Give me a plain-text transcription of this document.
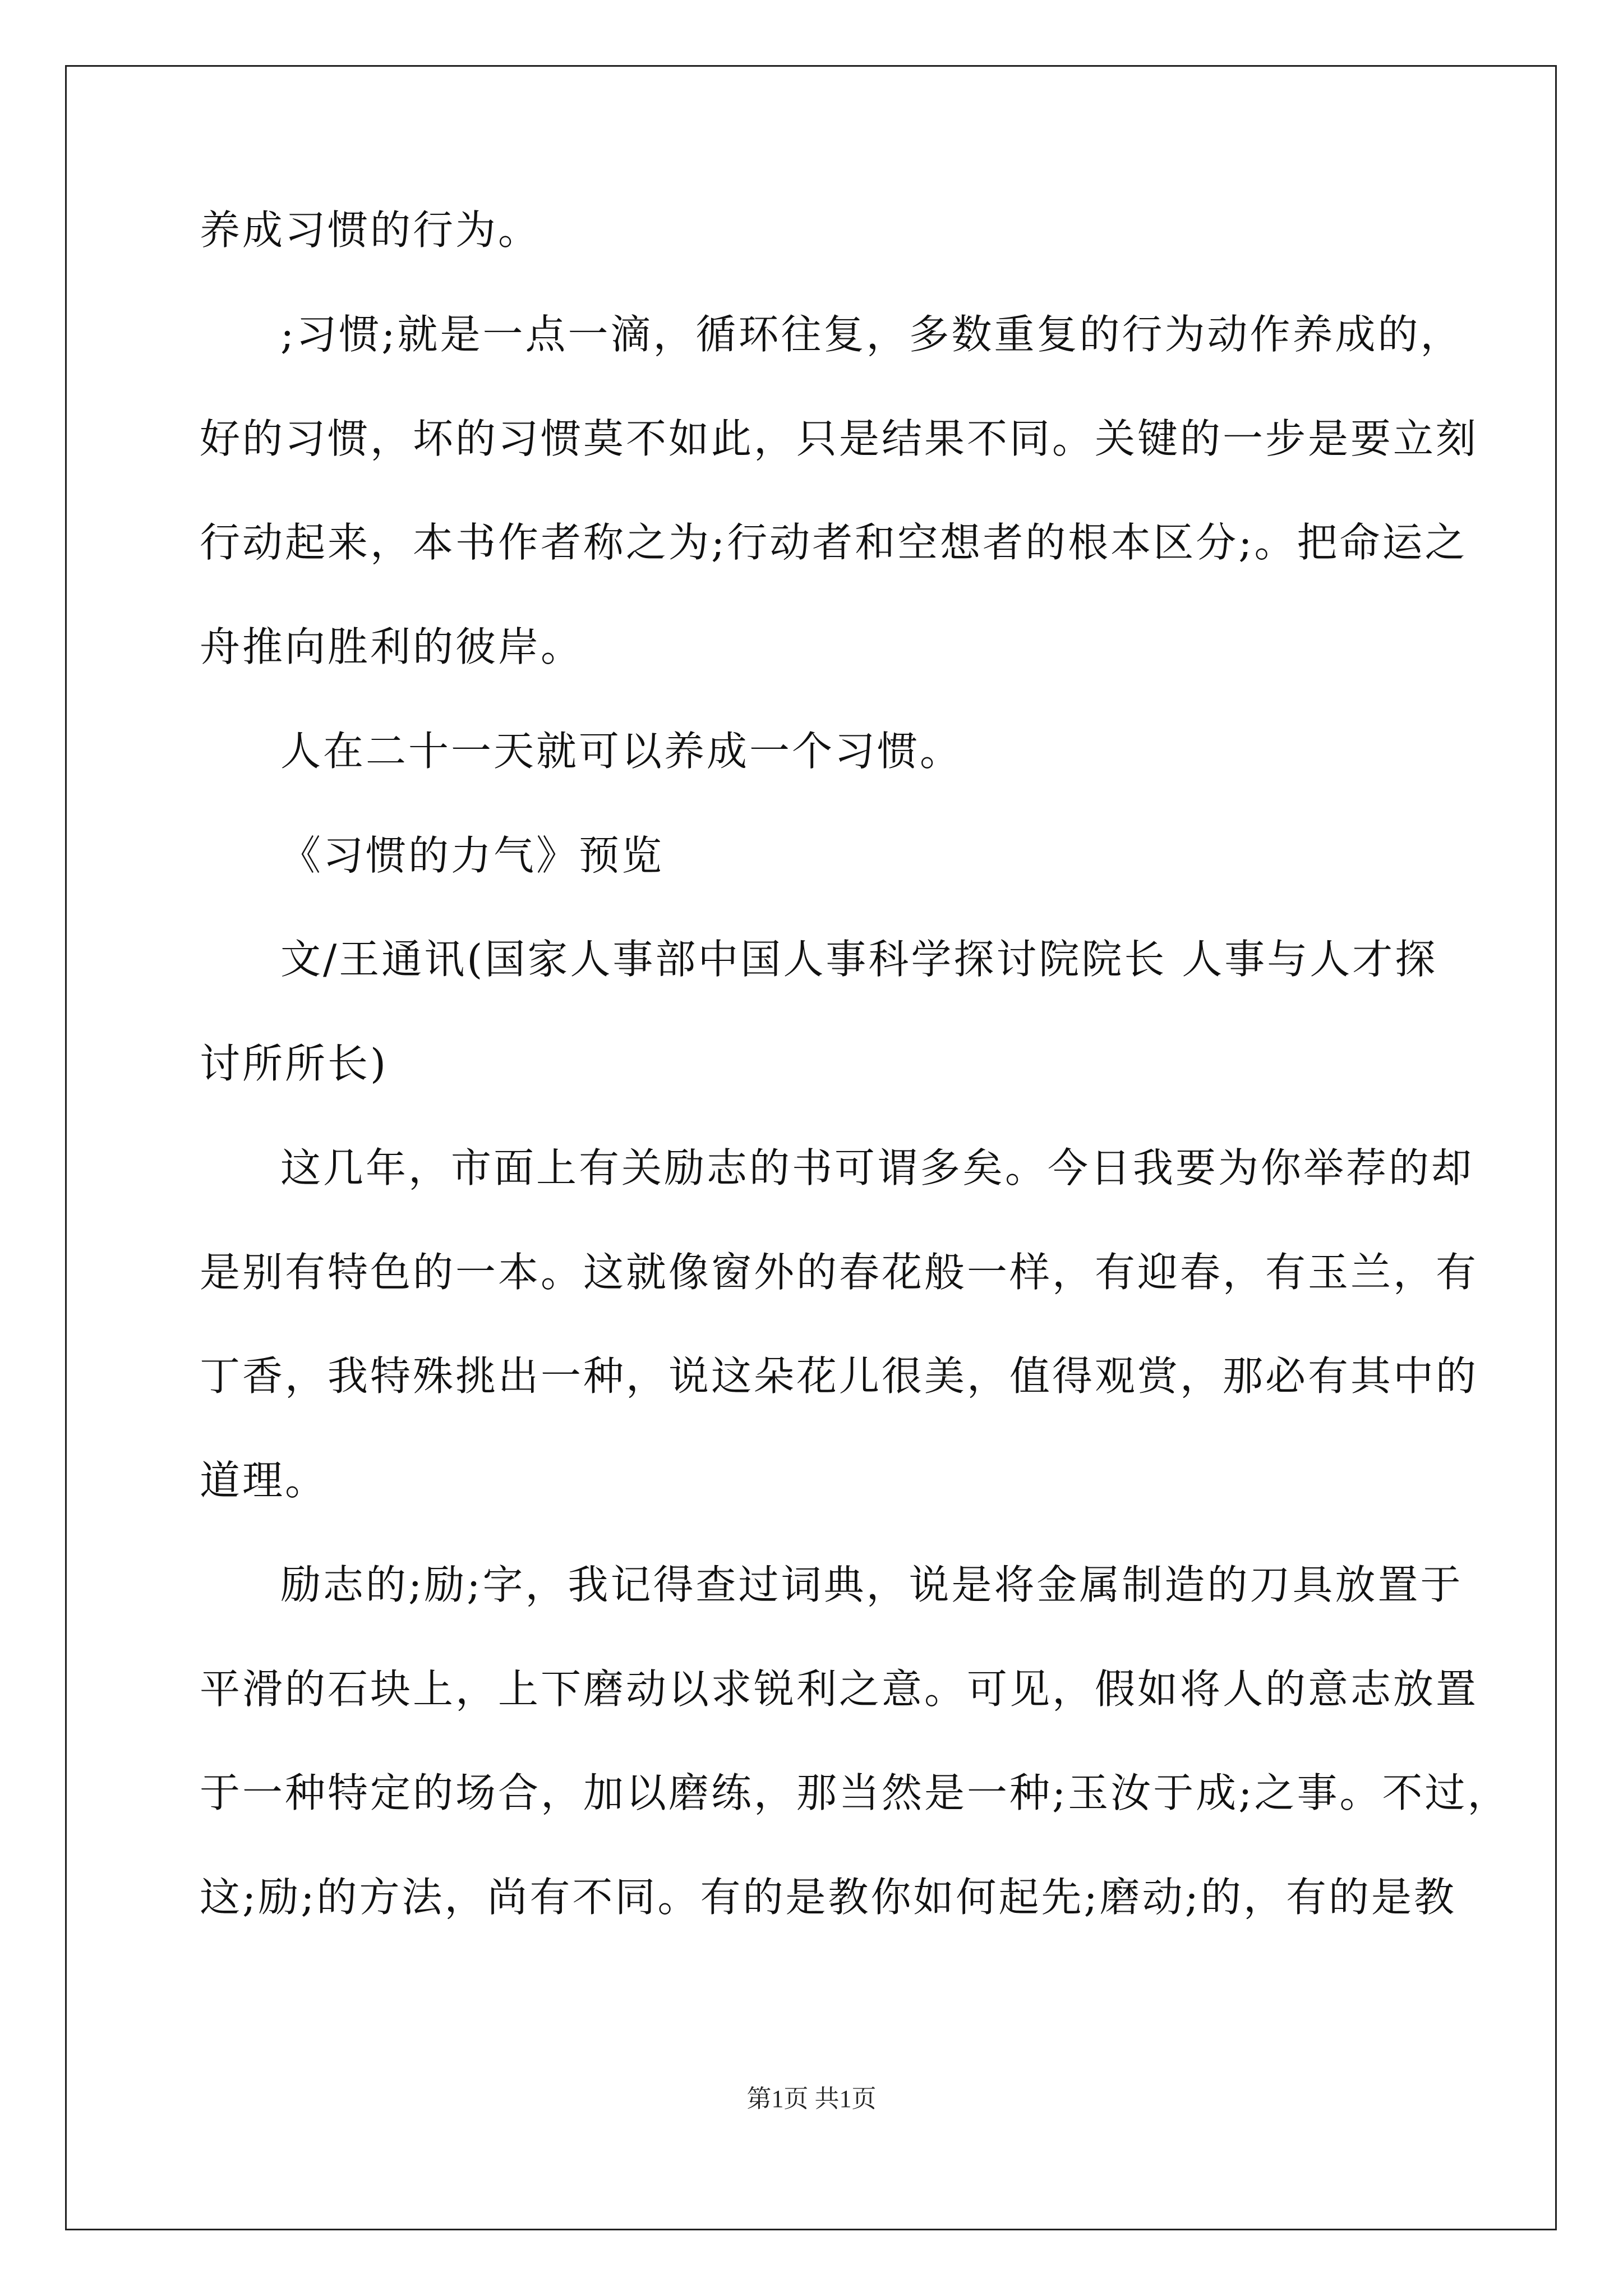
养成习惯的行为。
;习惯;就是一点一滴，循环往复，多数重复的行为动作养成的，
好的习惯，坏的习惯莫不如此，只是结果不同。关键的一步是要立刻
行动起来，本书作者称之为;行动者和空想者的根本区分;。把命运之
舟推向胜利的彼岸。
人在二十一天就可以养成一个习惯。
《习惯的力气》预览
文/王通讯(国家人事部中国人事科学探讨院院长 人事与人才探
讨所所长)
这几年，市面上有关励志的书可谓多矣。今日我要为你举荐的却
是别有特色的一本。这就像窗外的春花般一样，有迎春，有玉兰，有
丁香，我特殊挑出一种，说这朵花儿很美，值得观赏，那必有其中的
道理。
励志的;励;字，我记得查过词典，说是将金属制造的刀具放置于
平滑的石块上，上下磨动以求锐利之意。可见，假如将人的意志放置
于一种特定的场合，加以磨练，那当然是一种;玉汝于成;之事。不过，
这;励;的方法，尚有不同。有的是教你如何起先;磨动;的，有的是教
第1页 共1页
